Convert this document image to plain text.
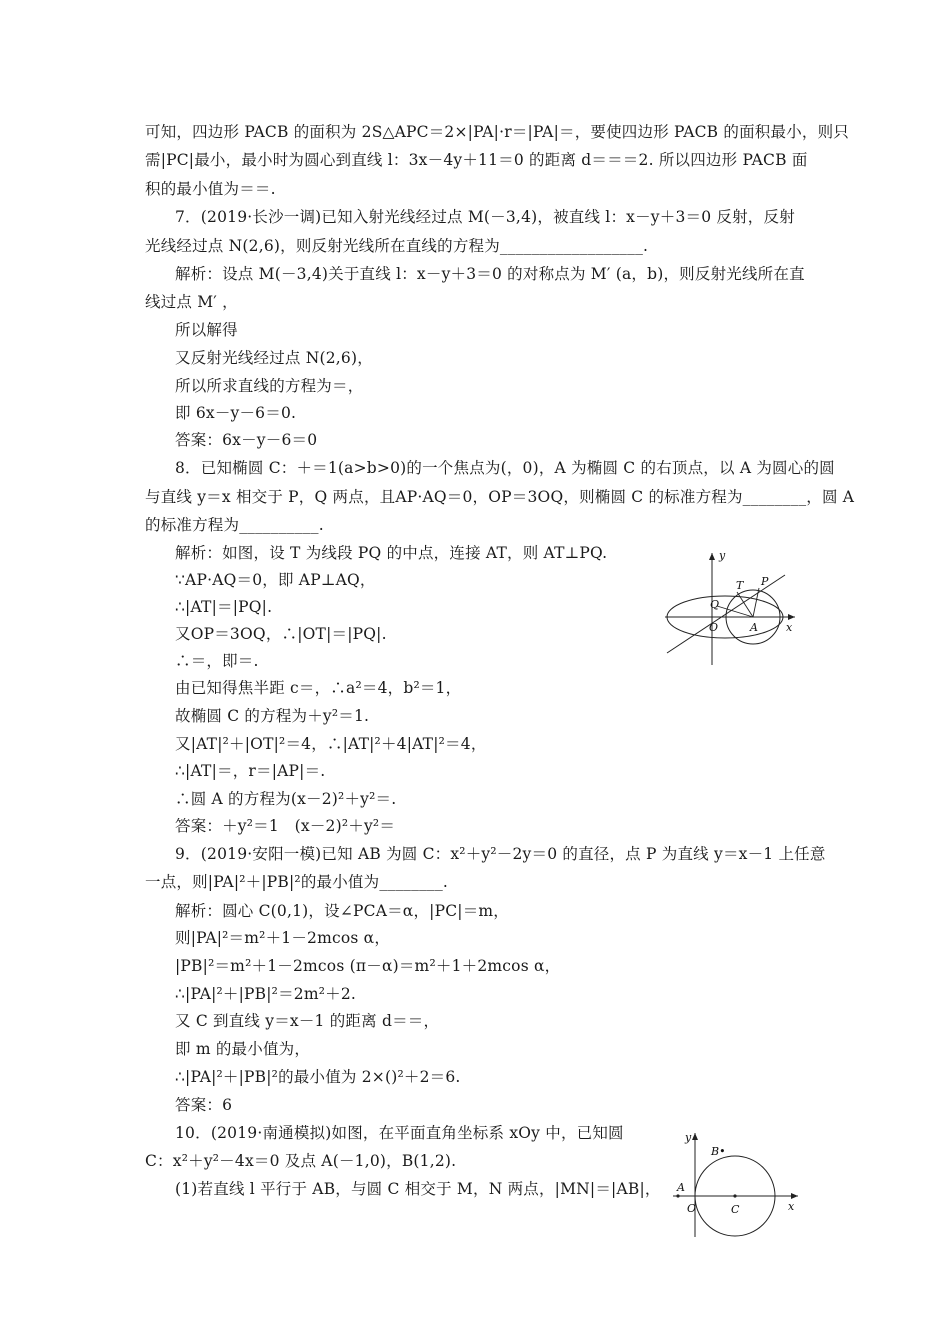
可知，四边形 PACB 的面积为 2S△APC＝2×|PA|·r＝|PA|＝，要使四边形 PACB 的面积最小，则只
需|PC|最小，最小时为圆心到直线 l：3x－4y＋11＝0 的距离 d＝＝＝2. 所以四边形 PACB 面
积的最小值为＝＝.
7．(2019·长沙一调)已知入射光线经过点 M(－3,4)，被直线 l：x－y＋3＝0 反射，反射
光线经过点 N(2,6)，则反射光线所在直线的方程为__________________.
解析：设点 M(－3,4)关于直线 l：x－y＋3＝0 的对称点为 M′ (a，b)，则反射光线所在直
线过点 M′ ，
所以解得
又反射光线经过点 N(2,6)，
所以所求直线的方程为＝，
即 6x－y－6＝0.
答案：6x－y－6＝0
8．已知椭圆 C：＋＝1(a>b>0)的一个焦点为(，0)，A 为椭圆 C 的右顶点，以 A 为圆心的圆
与直线 y＝x 相交于 P，Q 两点，且AP·AQ＝0，OP＝3OQ，则椭圆 C 的标准方程为________，圆 A
的标准方程为__________.
解析：如图，设 T 为线段 PQ 的中点，连接 AT，则 AT⊥PQ.
∵AP·AQ＝0，即 AP⊥AQ，
∴|AT|＝|PQ|.
又OP＝3OQ，∴|OT|＝|PQ|.
∴＝，即＝.
由已知得焦半距 c＝，∴a²＝4，b²＝1，
故椭圆 C 的方程为＋y²＝1.
又|AT|²＋|OT|²＝4，∴|AT|²＋4|AT|²＝4，
∴|AT|＝，r＝|AP|＝.
∴圆 A 的方程为(x－2)²＋y²＝.
答案：＋y²＝1　(x－2)²＋y²＝
9．(2019·安阳一模)已知 AB 为圆 C：x²＋y²－2y＝0 的直径，点 P 为直线 y＝x－1 上任意
一点，则|PA|²＋|PB|²的最小值为________.
解析：圆心 C(0,1)，设∠PCA＝α，|PC|＝m，
则|PA|²＝m²＋1－2mcos α，
|PB|²＝m²＋1－2mcos (π－α)＝m²＋1＋2mcos α，
∴|PA|²＋|PB|²＝2m²＋2.
又 C 到直线 y＝x－1 的距离 d＝＝，
即 m 的最小值为，
∴|PA|²＋|PB|²的最小值为 2×()²＋2＝6.
答案：6
10．(2019·南通模拟)如图，在平面直角坐标系 xOy 中，已知圆
C：x²＋y²－4x＝0 及点 A(－1,0)，B(1,2).
(1)若直线 l 平行于 AB，与圆 C 相交于 M，N 两点，|MN|＝|AB|，
y
x
P
T
Q
O	A
y
x
B•
A
O	C
